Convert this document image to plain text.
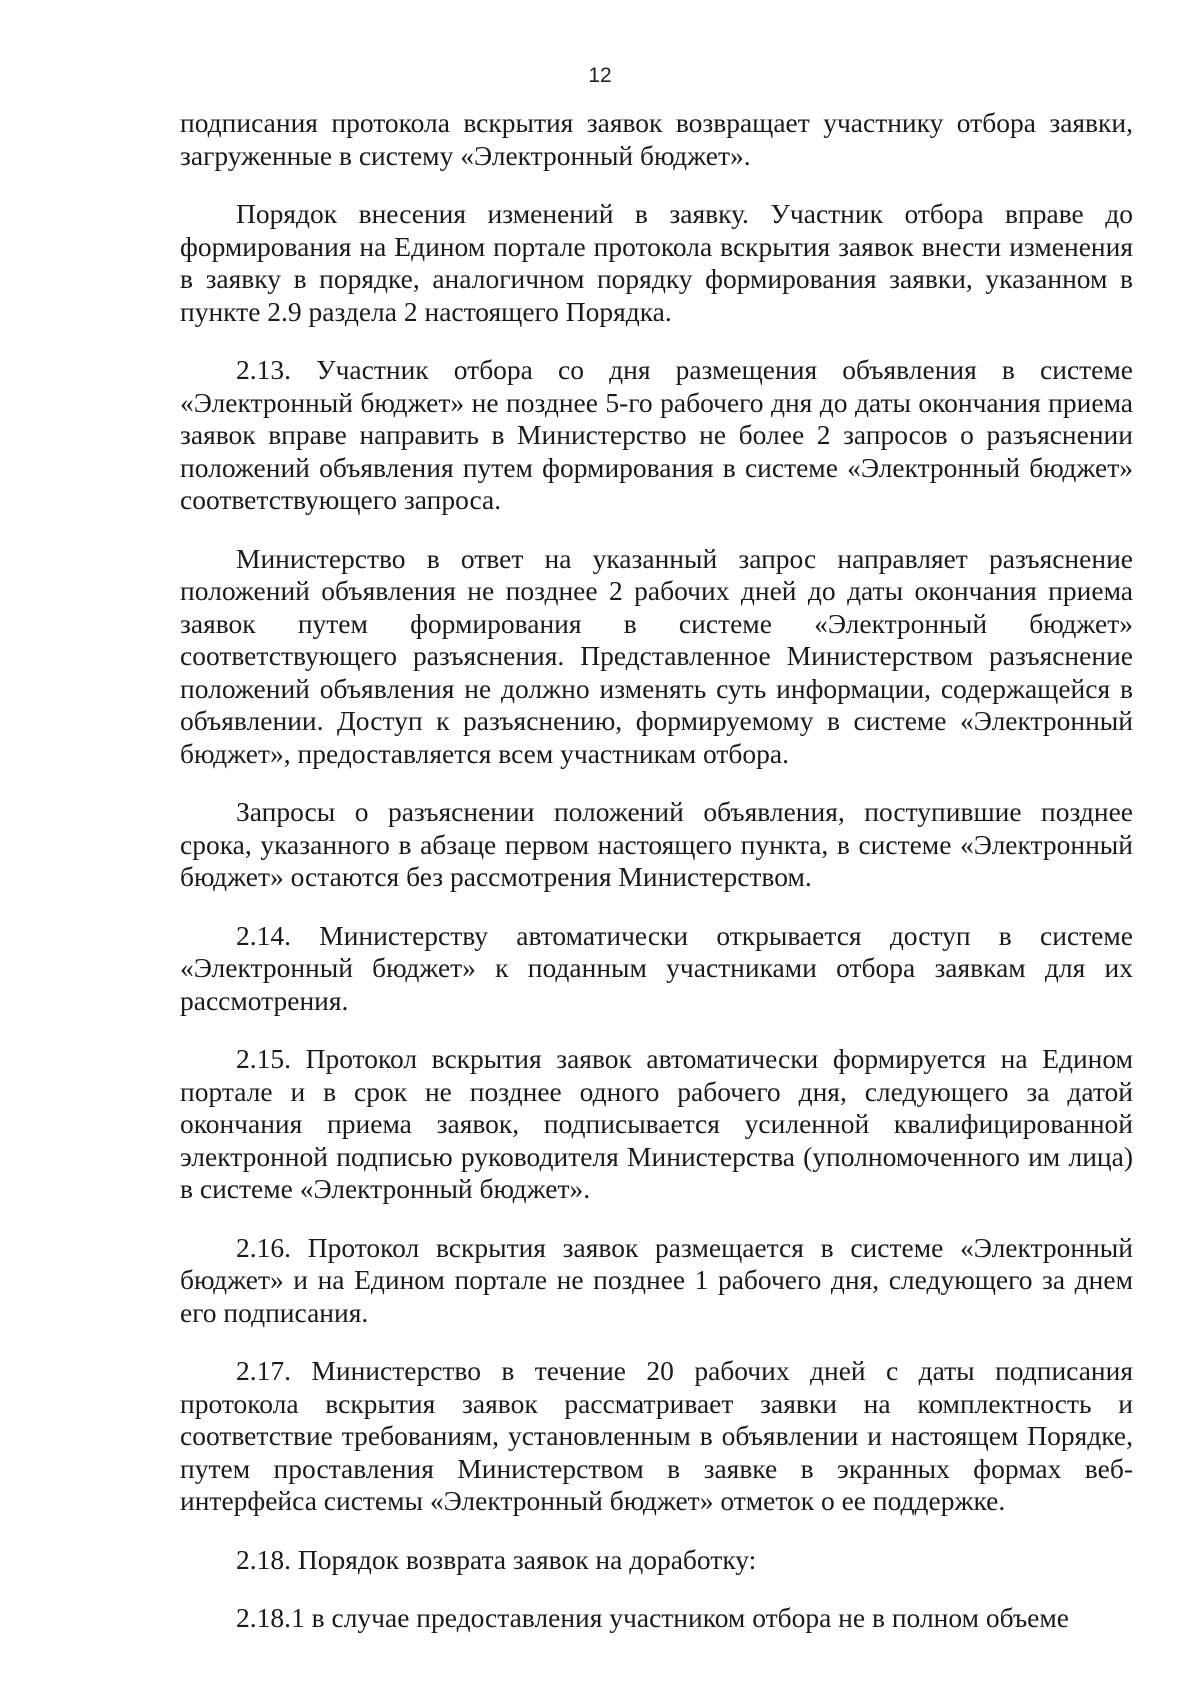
12

подписания протокола вскрытия заявок возвращает участнику отбора заявки, загруженные в систему «Электронный бюджет».

Порядок внесения изменений в заявку. Участник отбора вправе до формирования на Едином портале протокола вскрытия заявок внести изменения в заявку в порядке, аналогичном порядку формирования заявки, указанном в пункте 2.9 раздела 2 настоящего Порядка.

2.13. Участник отбора со дня размещения объявления в системе «Электронный бюджет» не позднее 5-го рабочего дня до даты окончания приема заявок вправе направить в Министерство не более 2 запросов о разъяснении положений объявления путем формирования в системе «Электронный бюджет» соответствующего запроса.

Министерство в ответ на указанный запрос направляет разъяснение положений объявления не позднее 2 рабочих дней до даты окончания приема заявок путем формирования в системе «Электронный бюджет» соответствующего разъяснения. Представленное Министерством разъяснение положений объявления не должно изменять суть информации, содержащейся в объявлении. Доступ к разъяснению, формируемому в системе «Электронный бюджет», предоставляется всем участникам отбора.

Запросы о разъяснении положений объявления, поступившие позднее срока, указанного в абзаце первом настоящего пункта, в системе «Электронный бюджет» остаются без рассмотрения Министерством.

2.14. Министерству автоматически открывается доступ в системе «Электронный бюджет» к поданным участниками отбора заявкам для их рассмотрения.

2.15. Протокол вскрытия заявок автоматически формируется на Едином портале и в срок не позднее одного рабочего дня, следующего за датой окончания приема заявок, подписывается усиленной квалифицированной электронной подписью руководителя Министерства (уполномоченного им лица) в системе «Электронный бюджет».

2.16. Протокол вскрытия заявок размещается в системе «Электронный бюджет» и на Едином портале не позднее 1 рабочего дня, следующего за днем его подписания.

2.17. Министерство в течение 20 рабочих дней с даты подписания протокола вскрытия заявок рассматривает заявки на комплектность и соответствие требованиям, установленным в объявлении и настоящем Порядке, путем проставления Министерством в заявке в экранных формах веб-интерфейса системы «Электронный бюджет» отметок о ее поддержке.

2.18. Порядок возврата заявок на доработку:

2.18.1 в случае предоставления участником отбора не в полном объеме
